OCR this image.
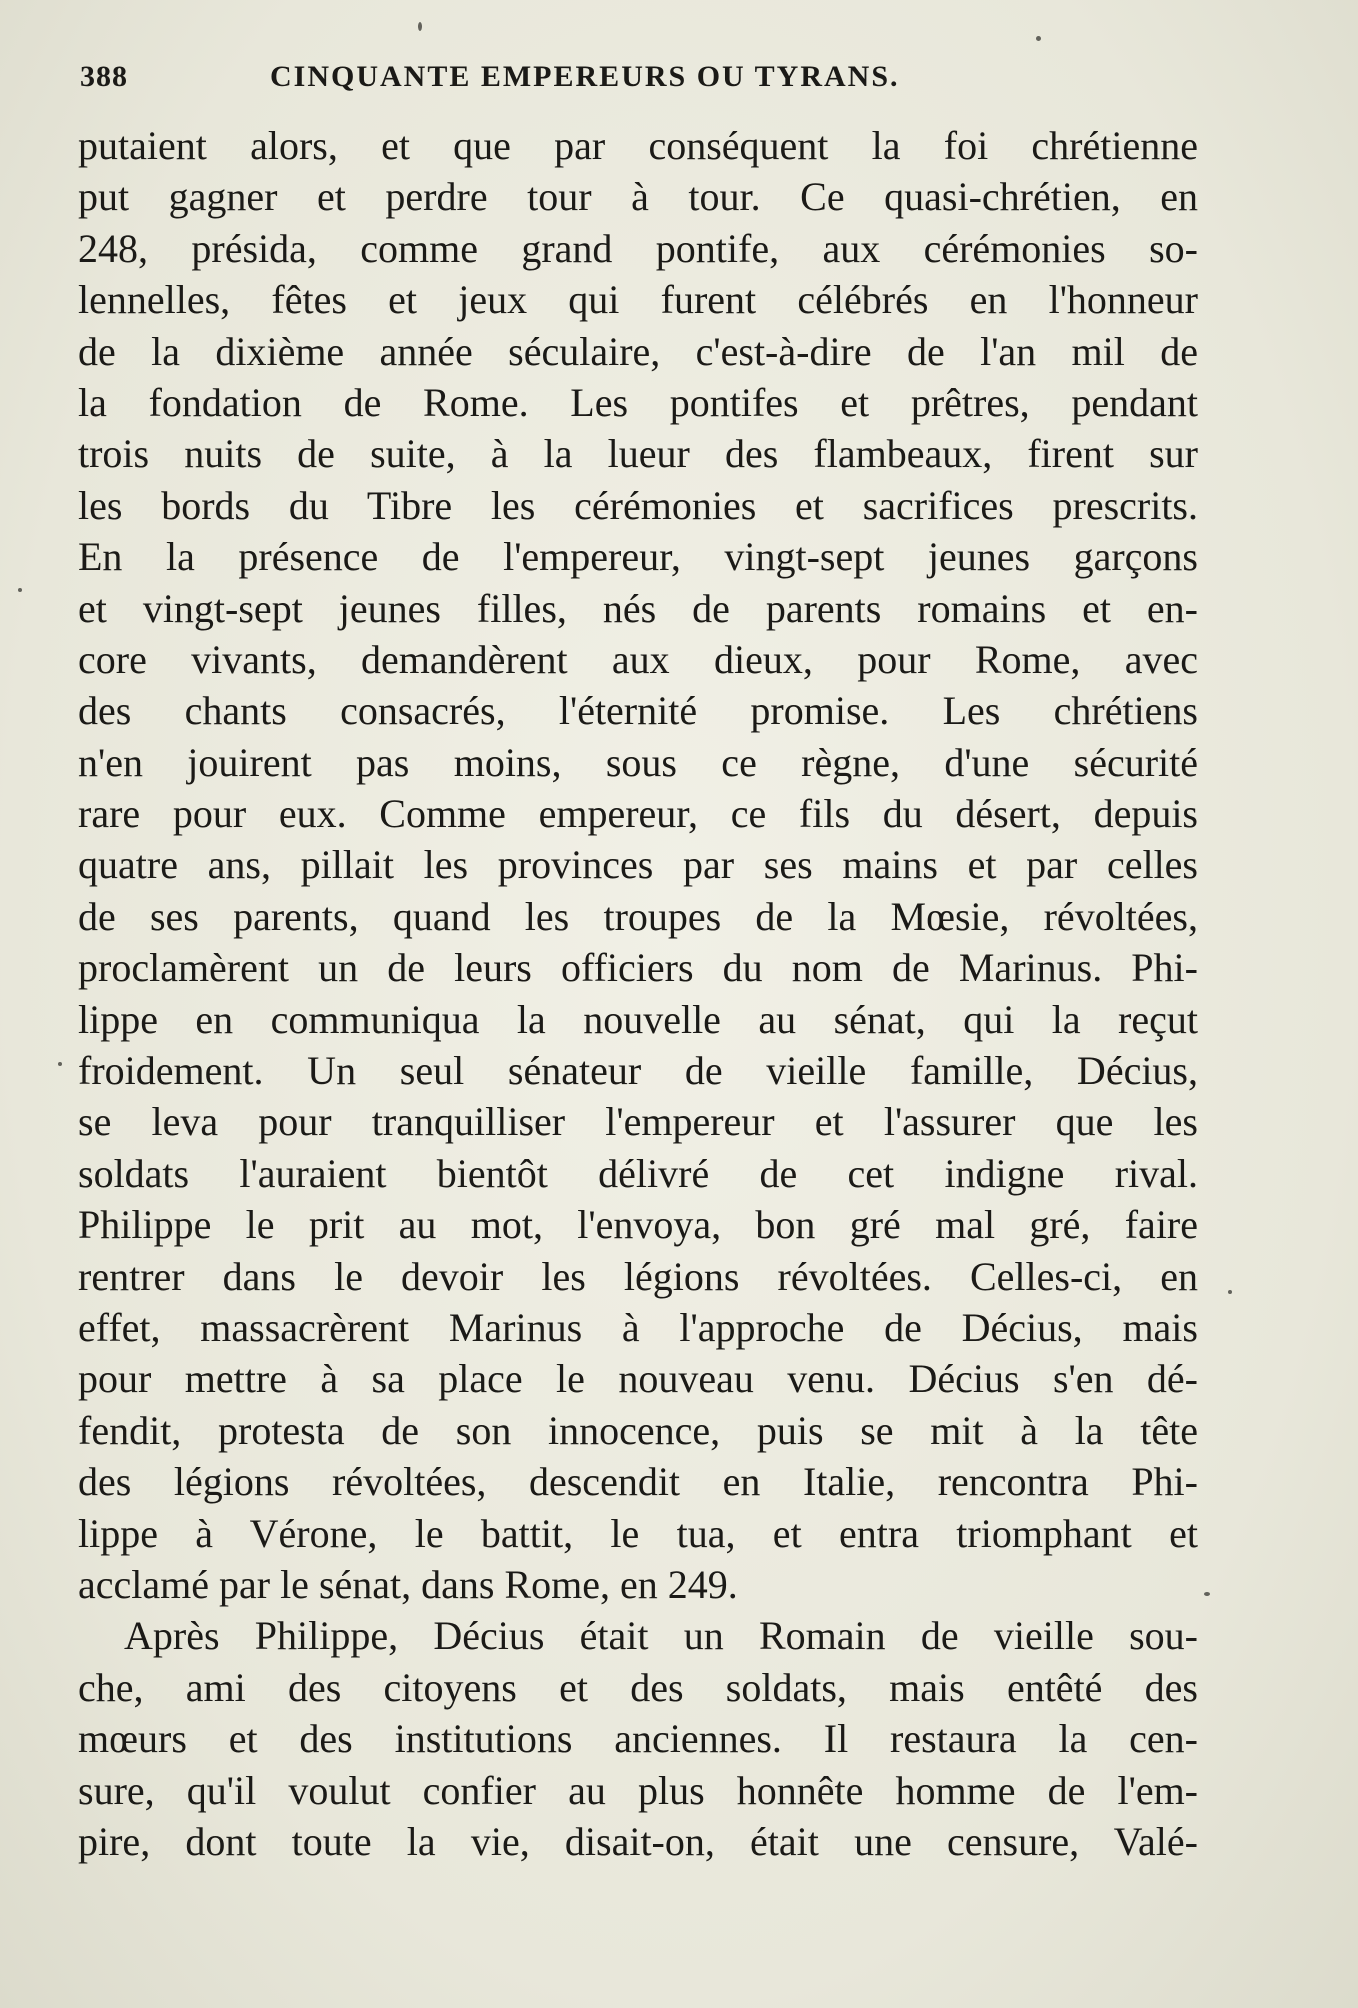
388	CINQUANTE EMPEREURS OU TYRANS.
putaient alors, et que par conséquent la foi chrétienne
put gagner et perdre tour à tour. Ce quasi-chrétien, en
248, présida, comme grand pontife, aux cérémonies so-
lennelles, fêtes et jeux qui furent célébrés en l'honneur
de la dixième année séculaire, c'est-à-dire de l'an mil de
la fondation de Rome. Les pontifes et prêtres, pendant
trois nuits de suite, à la lueur des flambeaux, firent sur
les bords du Tibre les cérémonies et sacrifices prescrits.
En la présence de l'empereur, vingt-sept jeunes garçons
et vingt-sept jeunes filles, nés de parents romains et en-
core vivants, demandèrent aux dieux, pour Rome, avec
des chants consacrés, l'éternité promise. Les chrétiens
n'en jouirent pas moins, sous ce règne, d'une sécurité
rare pour eux. Comme empereur, ce fils du désert, depuis
quatre ans, pillait les provinces par ses mains et par celles
de ses parents, quand les troupes de la Mœsie, révoltées,
proclamèrent un de leurs officiers du nom de Marinus. Phi-
lippe en communiqua la nouvelle au sénat, qui la reçut
froidement. Un seul sénateur de vieille famille, Décius,
se leva pour tranquilliser l'empereur et l'assurer que les
soldats l'auraient bientôt délivré de cet indigne rival.
Philippe le prit au mot, l'envoya, bon gré mal gré, faire
rentrer dans le devoir les légions révoltées. Celles-ci, en
effet, massacrèrent Marinus à l'approche de Décius, mais
pour mettre à sa place le nouveau venu. Décius s'en dé-
fendit, protesta de son innocence, puis se mit à la tête
des légions révoltées, descendit en Italie, rencontra Phi-
lippe à Vérone, le battit, le tua, et entra triomphant et
acclamé par le sénat, dans Rome, en 249.
Après Philippe, Décius était un Romain de vieille sou-
che, ami des citoyens et des soldats, mais entêté des
mœurs et des institutions anciennes. Il restaura la cen-
sure, qu'il voulut confier au plus honnête homme de l'em-
pire, dont toute la vie, disait-on, était une censure, Valé-
